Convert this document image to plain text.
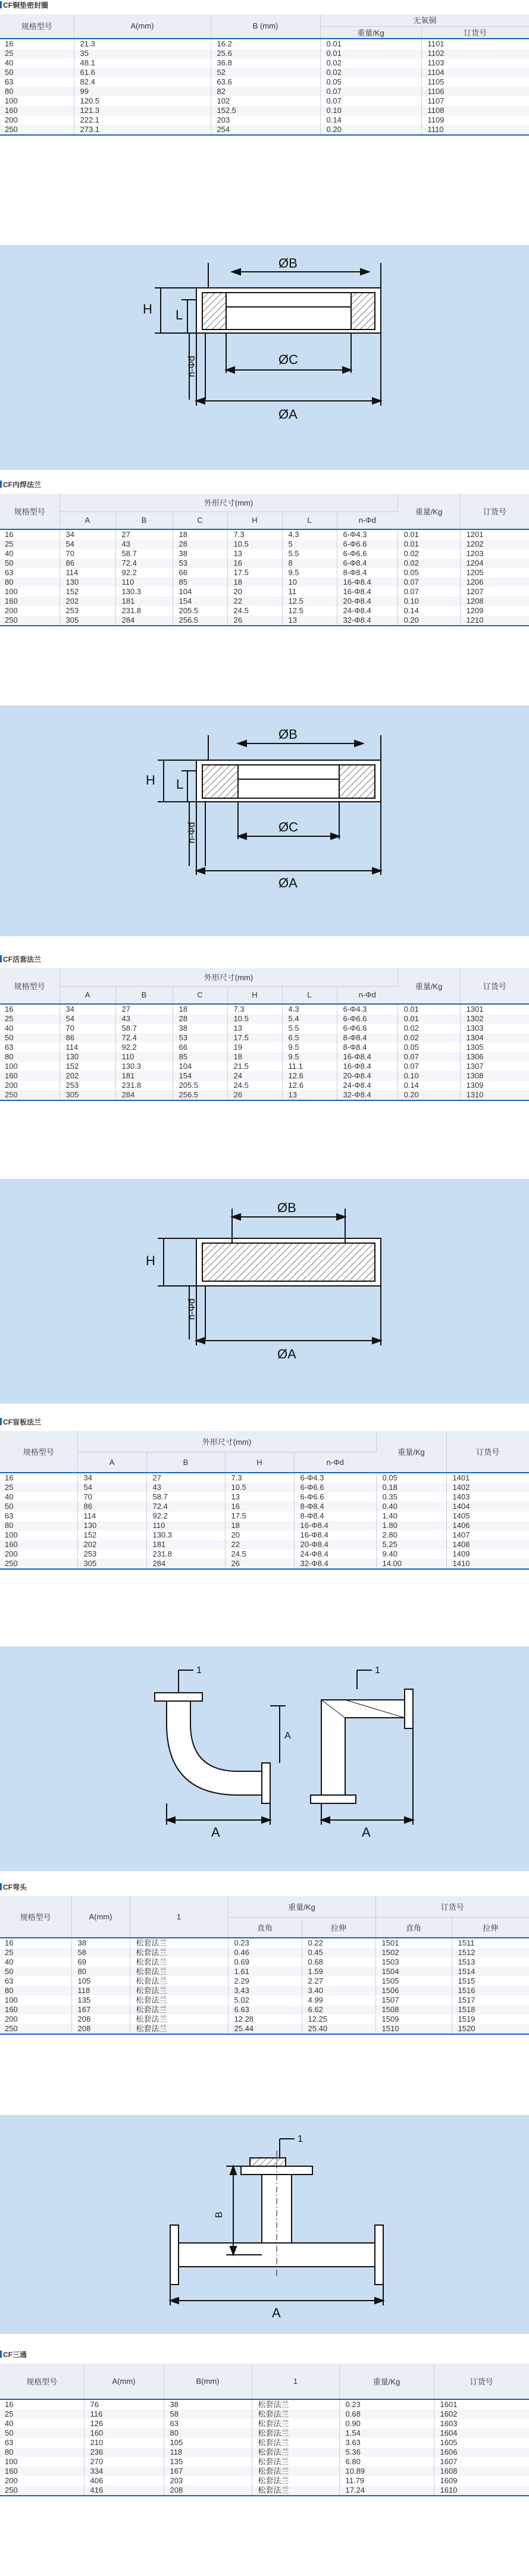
CF铜垫密封圈
规格型号	A(mm)	B (mm)	无氧铜	
			重量/Kg	订货号
16	21.3	16.2	0.01	1101
25	35	25.6	0.01	1102
40	48.1	36.8	0.02	1103
50	61.6	52	0.02	1104
63	82.4	63.6	0.05	1105
80	99	82	0.07	1106
100	120.5	102	0.07	1107
160	121.3	152.5	0.10	1108
200	222.1	203	0.14	1109
250	273.1	254	0.20	1110
ØB
H L
ØC
ØA
n-Φd
CF内焊法兰
规格型号	外形尺寸(mm)						重量/Kg	订货号
	A	B	C	H	L	n-Φd		
16	34	27	18	7.3	4.3	6-Φ4.3	0.01	1201
25	54	43	28	10.5	5	6-Φ6.6	0.01	1202
40	70	58.7	38	13	5.5	6-Φ6.6	0.02	1203
50	86	72.4	53	16	8	6-Φ8.4	0.02	1204
63	114	92.2	66	17.5	9.5	8-Φ8.4	0.05	1205
80	130	110	85	18	10	16-Φ8.4	0.07	1206
100	152	130.3	104	20	11	16-Φ8.4	0.07	1207
160	202	181	154	22	12.5	20-Φ8.4	0.10	1208
200	253	231.8	205.5	24.5	12.5	24-Φ8.4	0.14	1209
250	305	284	256.5	26	13	32-Φ8.4	0.20	1210
ØB
H L
ØC
ØA
n-Φd
CF活套法兰
规格型号	外形尺寸(mm)						重量/Kg	订货号
	A	B	C	H	L	n-Φd		
16	34	27	18	7.3	4.3	6-Φ4.3	0.01	1301
25	54	43	28	10.5	5.4	6-Φ6.6	0.01	1302
40	70	58.7	38	13	5.5	6-Φ6.6	0.02	1303
50	86	72.4	53	17.5	6.5	8-Φ8.4	0.02	1304
63	114	92.2	66	19	9.5	8-Φ8.4	0.05	1305
80	130	110	85	18	9.5	16-Φ8.4	0.07	1306
100	152	130.3	104	21.5	11.1	16-Φ8.4	0.07	1307
160	202	181	154	24	12.6	20-Φ8.4	0.10	1308
200	253	231.8	205.5	24.5	12.6	24-Φ8.4	0.14	1309
250	305	284	256.5	26	13	32-Φ8.4	0.20	1310
ØB
H
ØA
n-Φd
CF盲板法兰
规格型号	外形尺寸(mm)				重量/Kg	订货号
	A	B	H	n-Φd		
16	34	27	7.3	6-Φ4.3	0.05	1401
25	54	43	10.5	6-Φ6.6	0.18	1402
40	70	58.7	13	6-Φ6.6	0.35	1403
50	86	72.4	16	8-Φ8.4	0.40	1404
63	114	92.2	17.5	8-Φ8.4	1.40	1405
80	130	110	18	16-Φ8.4	1.80	1406
100	152	130.3	20	16-Φ8.4	2.80	1407
160	202	181	22	20-Φ8.4	5.25	1408
200	253	231.8	24.5	24-Φ8.4	9.40	1409
250	305	284	26	32-Φ8.4	14.00	1410
1
A
1
A
A
CF弯头
规格型号	A(mm)	1	重量/Kg		订货号	
			直角	拉伸	直角	拉伸
16	38	松套法兰	0.23	0.22	1501	1511
25	58	松套法兰	0.46	0.45	1502	1512
40	69	松套法兰	0.69	0.68	1503	1513
50	80	松套法兰	1.61	1.59	1504	1514
63	105	松套法兰	2.29	2.27	1505	1515
80	118	松套法兰	3.43	3.40	1506	1516
100	135	松套法兰	5.02	4.99	1507	1517
160	167	松套法兰	6.63	6.62	1508	1518
200	208	松套法兰	12.28	12.25	1509	1519
250	208	松套法兰	25.44	25.40	1510	1520
1
B
A
CF三通
规格型号	A(mm)	B(mm)	1	重量/Kg	订货号
16	76	38	松套法兰	0.23	1601
25	116	58	松套法兰	0.68	1602
40	126	63	松套法兰	0.90	1603
50	160	80	松套法兰	1.54	1604
63	210	105	松套法兰	3.63	1605
80	236	118	松套法兰	5.36	1606
100	270	135	松套法兰	6.80	1607
160	334	167	松套法兰	10.89	1608
200	406	203	松套法兰	11.79	1609
250	416	208	松套法兰	17.24	1610
